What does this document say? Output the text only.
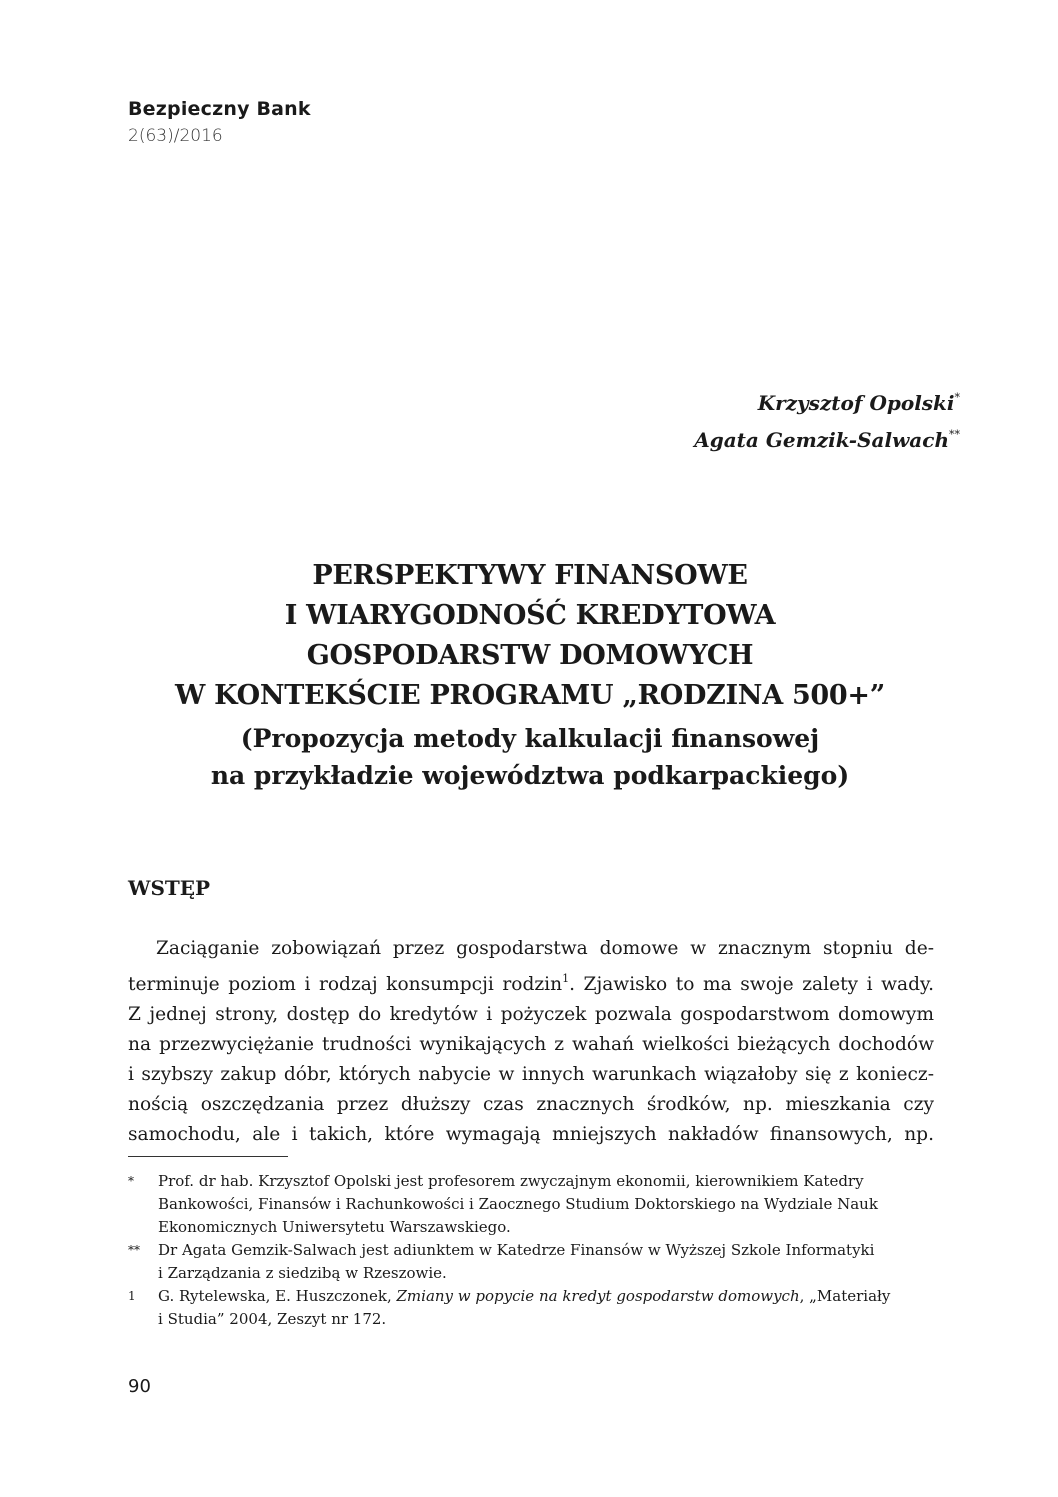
Bezpieczny Bank
2(63)/2016
Krzysztof Opolski*
Agata Gemzik-Salwach**
PERSPEKTYWY FINANSOWE
I WIARYGODNOŚĆ KREDYTOWA
GOSPODARSTW DOMOWYCH
W KONTEKŚCIE PROGRAMU „RODZINA 500+”
(Propozycja metody kalkulacji finansowej
na przykładzie województwa podkarpackiego)
WSTĘP
Zaciąganie zobowiązań przez gospodarstwa domowe w znacznym stopniu de-
terminuje poziom i rodzaj konsumpcji rodzin$^1$. Zjawisko to ma swoje zalety i wady.
Z jednej strony, dostęp do kredytów i pożyczek pozwala gospodarstwom domowym
na przezwyciężanie trudności wynikających z wahań wielkości bieżących dochodów
i szybszy zakup dóbr, których nabycie w innych warunkach wiązałoby się z koniecz-
nością oszczędzania przez dłuższy czas znacznych środków, np. mieszkania czy
samochodu, ale i takich, które wymagają mniejszych nakładów finansowych, np.
* Prof. dr hab. Krzysztof Opolski jest profesorem zwyczajnym ekonomii, kierownikiem Katedry
Bankowości, Finansów i Rachunkowości i Zaocznego Studium Doktorskiego na Wydziale Nauk
Ekonomicznych Uniwersytetu Warszawskiego.
** Dr Agata Gemzik-Salwach jest adiunktem w Katedrze Finansów w Wyższej Szkole Informatyki
i Zarządzania z siedzibą w Rzeszowie.
1 G. Rytelewska, E. Huszczonek, Zmiany w popycie na kredyt gospodarstw domowych, „Materiały
i Studia” 2004, Zeszyt nr 172.
90
